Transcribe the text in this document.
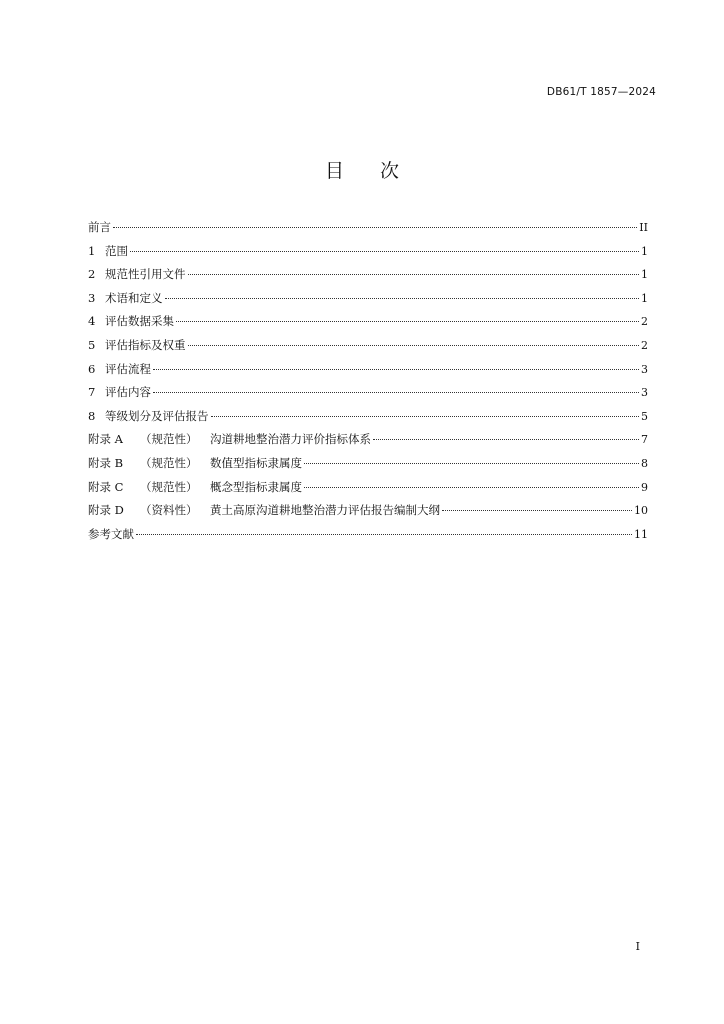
DB61/T 1857—2024
目次
前言	II
1 范围	1
2 规范性引用文件	1
3 术语和定义	1
4 评估数据采集	2
5 评估指标及权重	2
6 评估流程	3
7 评估内容	3
8 等级划分及评估报告	5
附录 A	（规范性）	沟道耕地整治潜力评价指标体系	7
附录 B	（规范性）	数值型指标隶属度	8
附录 C	（规范性）	概念型指标隶属度	9
附录 D	（资料性）	黄土高原沟道耕地整治潜力评估报告编制大纲	10
参考文献	11
I
